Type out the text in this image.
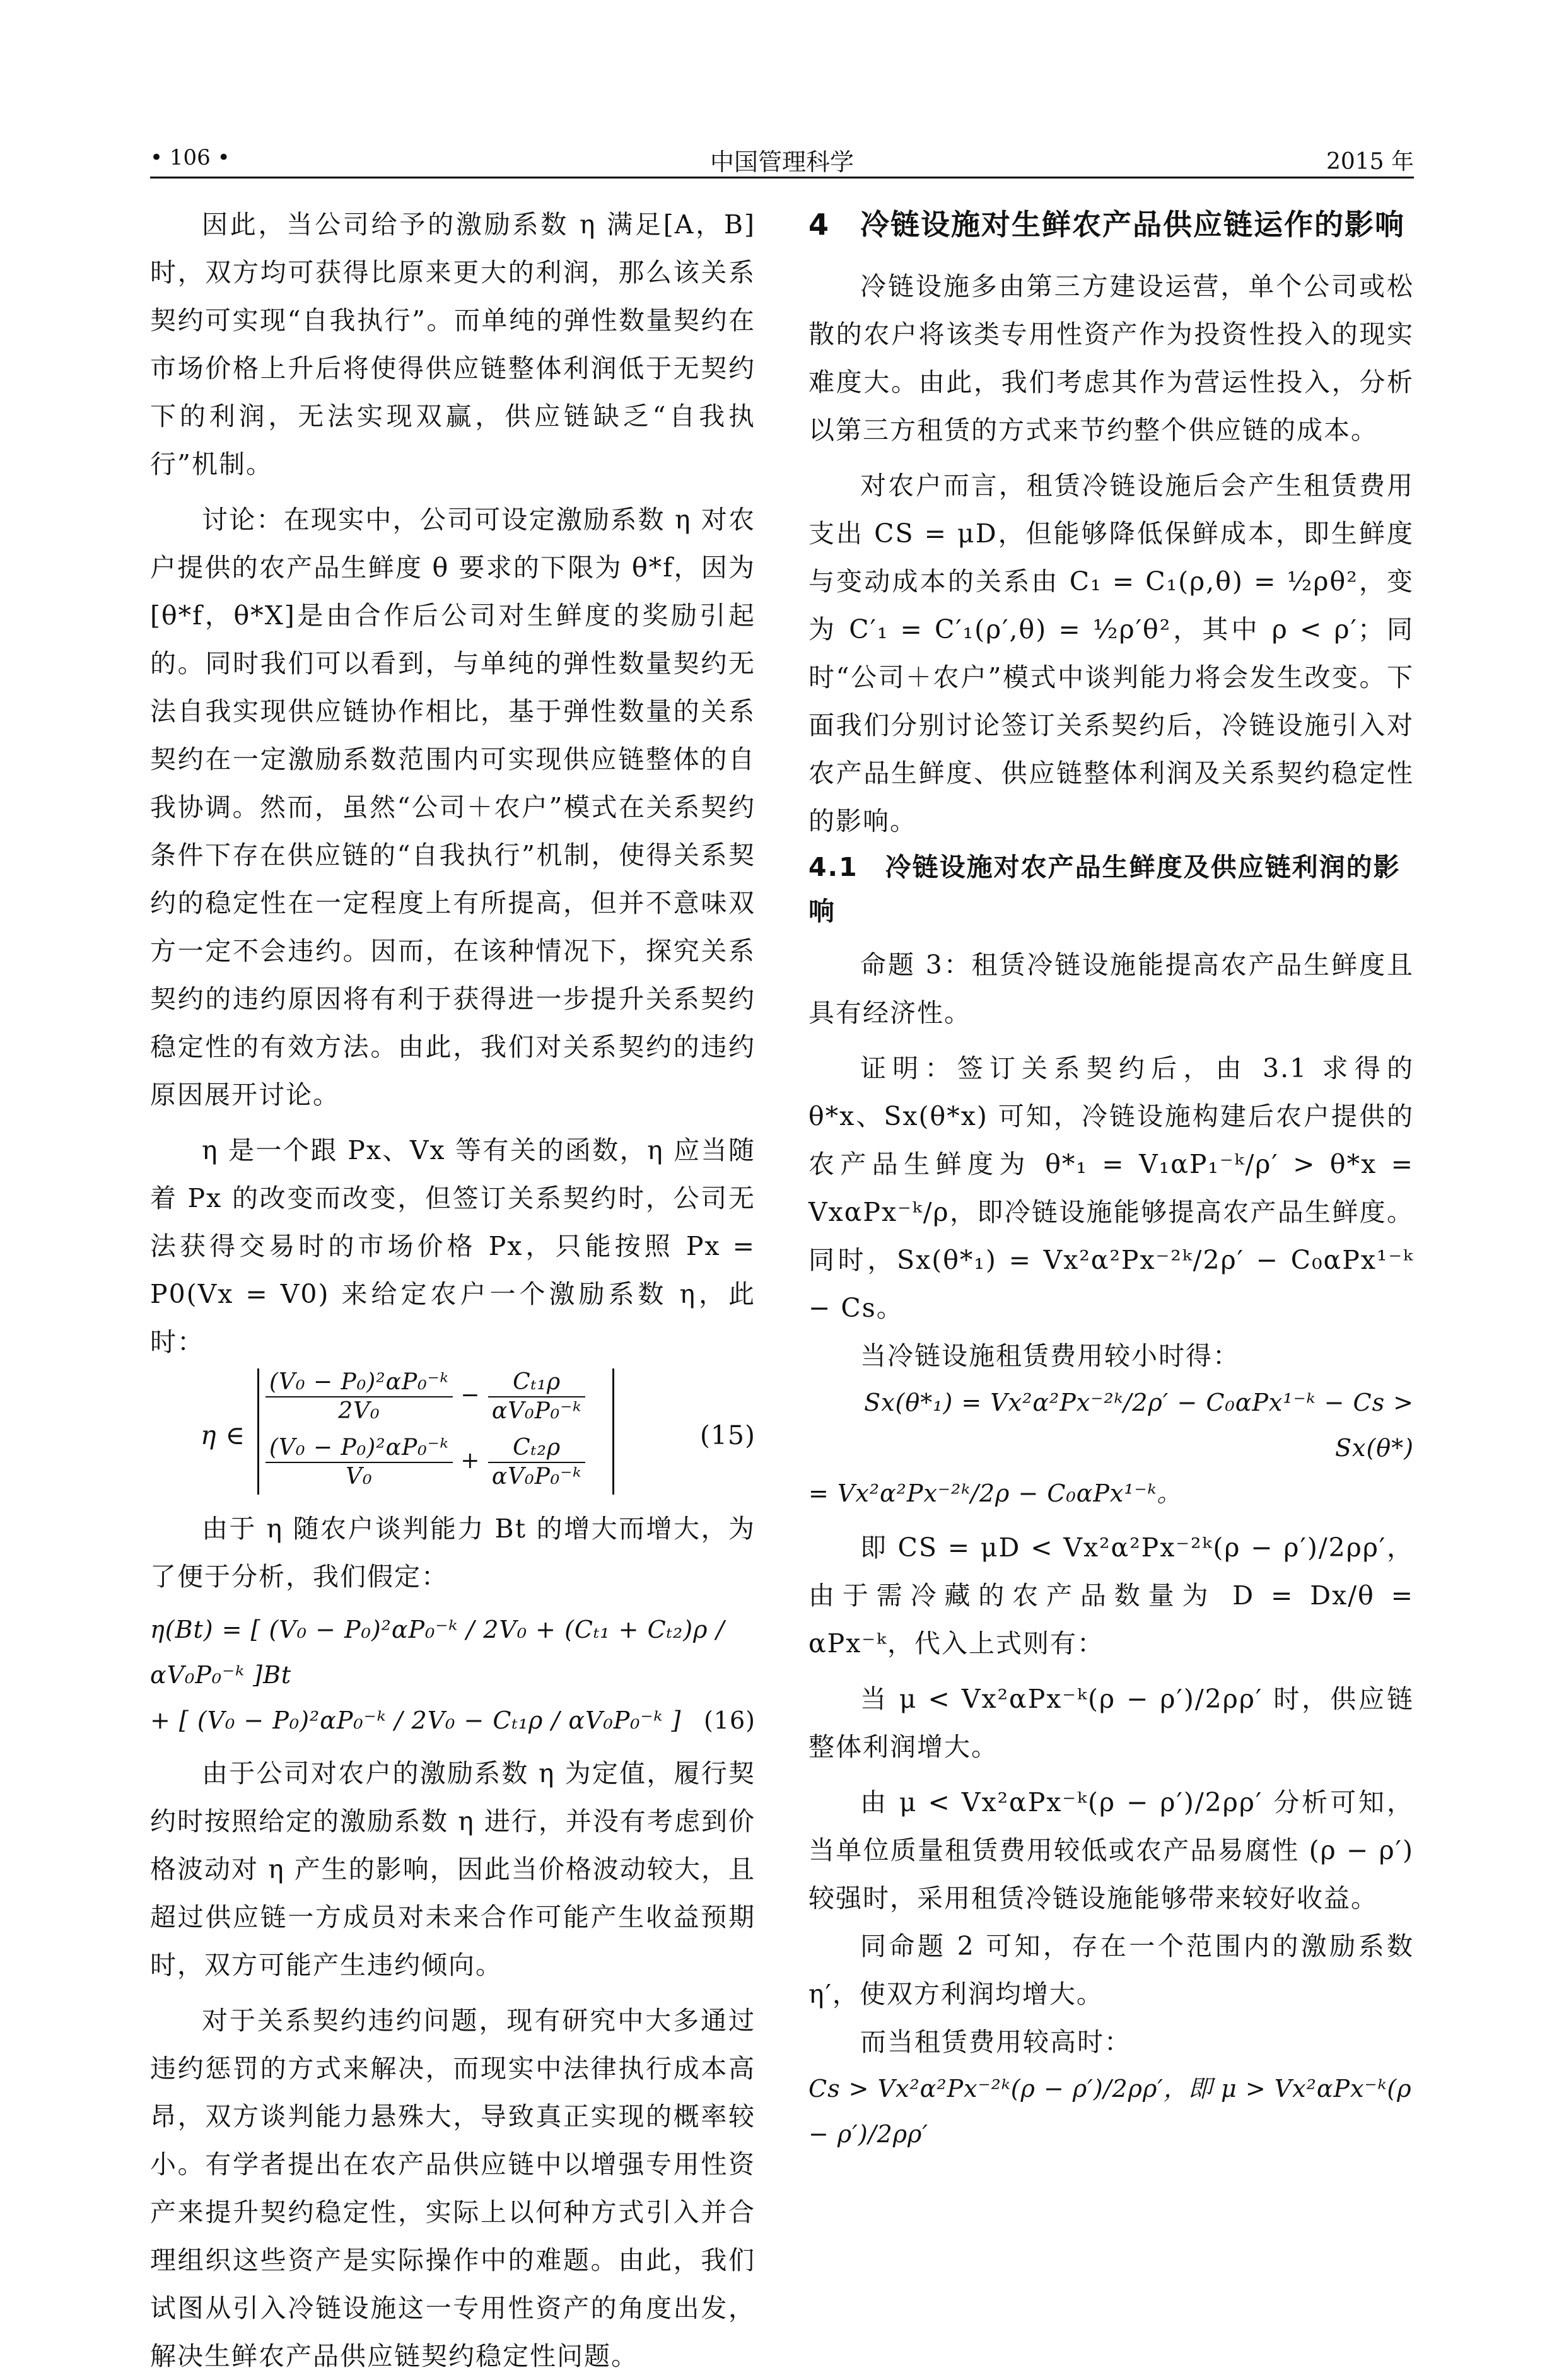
• 106 •	中国管理科学	2015 年

因此，当公司给予的激励系数 η 满足[A，B]时，双方均可获得比原来更大的利润，那么该关系契约可实现“自我执行”。而单纯的弹性数量契约在市场价格上升后将使得供应链整体利润低于无契约下的利润，无法实现双赢，供应链缺乏“自我执行”机制。

讨论：在现实中，公司可设定激励系数 η 对农户提供的农产品生鲜度 θ 要求的下限为 θ*f，因为[θ*f，θ*X]是由合作后公司对生鲜度的奖励引起的。同时我们可以看到，与单纯的弹性数量契约无法自我实现供应链协作相比，基于弹性数量的关系契约在一定激励系数范围内可实现供应链整体的自我协调。然而，虽然“公司＋农户”模式在关系契约条件下存在供应链的“自我执行”机制，使得关系契约的稳定性在一定程度上有所提高，但并不意味双方一定不会违约。因而，在该种情况下，探究关系契约的违约原因将有利于获得进一步提升关系契约稳定性的有效方法。由此，我们对关系契约的违约原因展开讨论。

η 是一个跟 Px、Vx 等有关的函数，η 应当随着 Px 的改变而改变，但签订关系契约时，公司无法获得交易时的市场价格 Px，只能按照 Px = P0(Vx = V0) 来给定农户一个激励系数 η，此时：

η ∈
$\frac{\text{(V₀ − P₀)²αP₀⁻ᵏ}}{\text{2V₀}} - \frac{\text{Cₜ₁ρ}}{\text{αV₀P₀⁻ᵏ}}$
$\frac{\text{(V₀ − P₀)²αP₀⁻ᵏ}}{\text{V₀}} + \frac{\text{Cₜ₂ρ}}{\text{αV₀P₀⁻ᵏ}}$	(15)

由于 η 随农户谈判能力 Bt 的增大而增大，为了便于分析，我们假定：

η(Bt) = [ (V₀ − P₀)²αP₀⁻ᵏ / 2V₀ + (Cₜ₁ + Cₜ₂)ρ / αV₀P₀⁻ᵏ ]Bt
+ [ (V₀ − P₀)²αP₀⁻ᵏ / 2V₀ − Cₜ₁ρ / αV₀P₀⁻ᵏ ] (16)

由于公司对农户的激励系数 η 为定值，履行契约时按照给定的激励系数 η 进行，并没有考虑到价格波动对 η 产生的影响，因此当价格波动较大，且超过供应链一方成员对未来合作可能产生收益预期时，双方可能产生违约倾向。

对于关系契约违约问题，现有研究中大多通过违约惩罚的方式来解决，而现实中法律执行成本高昂，双方谈判能力悬殊大，导致真正实现的概率较小。有学者提出在农产品供应链中以增强专用性资产来提升契约稳定性，实际上以何种方式引入并合理组织这些资产是实际操作中的难题。由此，我们试图从引入冷链设施这一专用性资产的角度出发，解决生鲜农产品供应链契约稳定性问题。

4　冷链设施对生鲜农产品供应链运作的影响

冷链设施多由第三方建设运营，单个公司或松散的农户将该类专用性资产作为投资性投入的现实难度大。由此，我们考虑其作为营运性投入，分析以第三方租赁的方式来节约整个供应链的成本。

对农户而言，租赁冷链设施后会产生租赁费用支出 CS = μD，但能够降低保鲜成本，即生鲜度与变动成本的关系由 C₁ = C₁(ρ,θ) = ½ρθ²，变为 C′₁ = C′₁(ρ′,θ) = ½ρ′θ²，其中 ρ < ρ′；同时“公司＋农户”模式中谈判能力将会发生改变。下面我们分别讨论签订关系契约后，冷链设施引入对农产品生鲜度、供应链整体利润及关系契约稳定性的影响。

4.1　冷链设施对农产品生鲜度及供应链利润的影响

命题 3：租赁冷链设施能提高农产品生鲜度且具有经济性。

证明：签订关系契约后，由 3.1 求得的 θ*x、Sx(θ*x) 可知，冷链设施构建后农户提供的农产品生鲜度为 θ*₁ = V₁αP₁⁻ᵏ/ρ′ > θ*x = VxαPx⁻ᵏ/ρ，即冷链设施能够提高农产品生鲜度。同时，Sx(θ*₁) = Vx²α²Px⁻²ᵏ/2ρ′ − C₀αPx¹⁻ᵏ − Cs。

当冷链设施租赁费用较小时得：

Sx(θ*₁) = Vx²α²Px⁻²ᵏ/2ρ′ − C₀αPx¹⁻ᵏ − Cs > Sx(θ*)
= Vx²α²Px⁻²ᵏ/2ρ − C₀αPx¹⁻ᵏ。

即 CS = μD < Vx²α²Px⁻²ᵏ(ρ − ρ′)/2ρρ′，由于需冷藏的农产品数量为 D = Dx/θ = αPx⁻ᵏ，代入上式则有：

当 μ < Vx²αPx⁻ᵏ(ρ − ρ′)/2ρρ′ 时，供应链整体利润增大。

由 μ < Vx²αPx⁻ᵏ(ρ − ρ′)/2ρρ′ 分析可知，当单位质量租赁费用较低或农产品易腐性 (ρ − ρ′) 较强时，采用租赁冷链设施能够带来较好收益。

同命题 2 可知，存在一个范围内的激励系数 η′，使双方利润均增大。

而当租赁费用较高时：

Cs > Vx²α²Px⁻²ᵏ(ρ − ρ′)/2ρρ′，即 μ > Vx²αPx⁻ᵏ(ρ − ρ′)/2ρρ′
